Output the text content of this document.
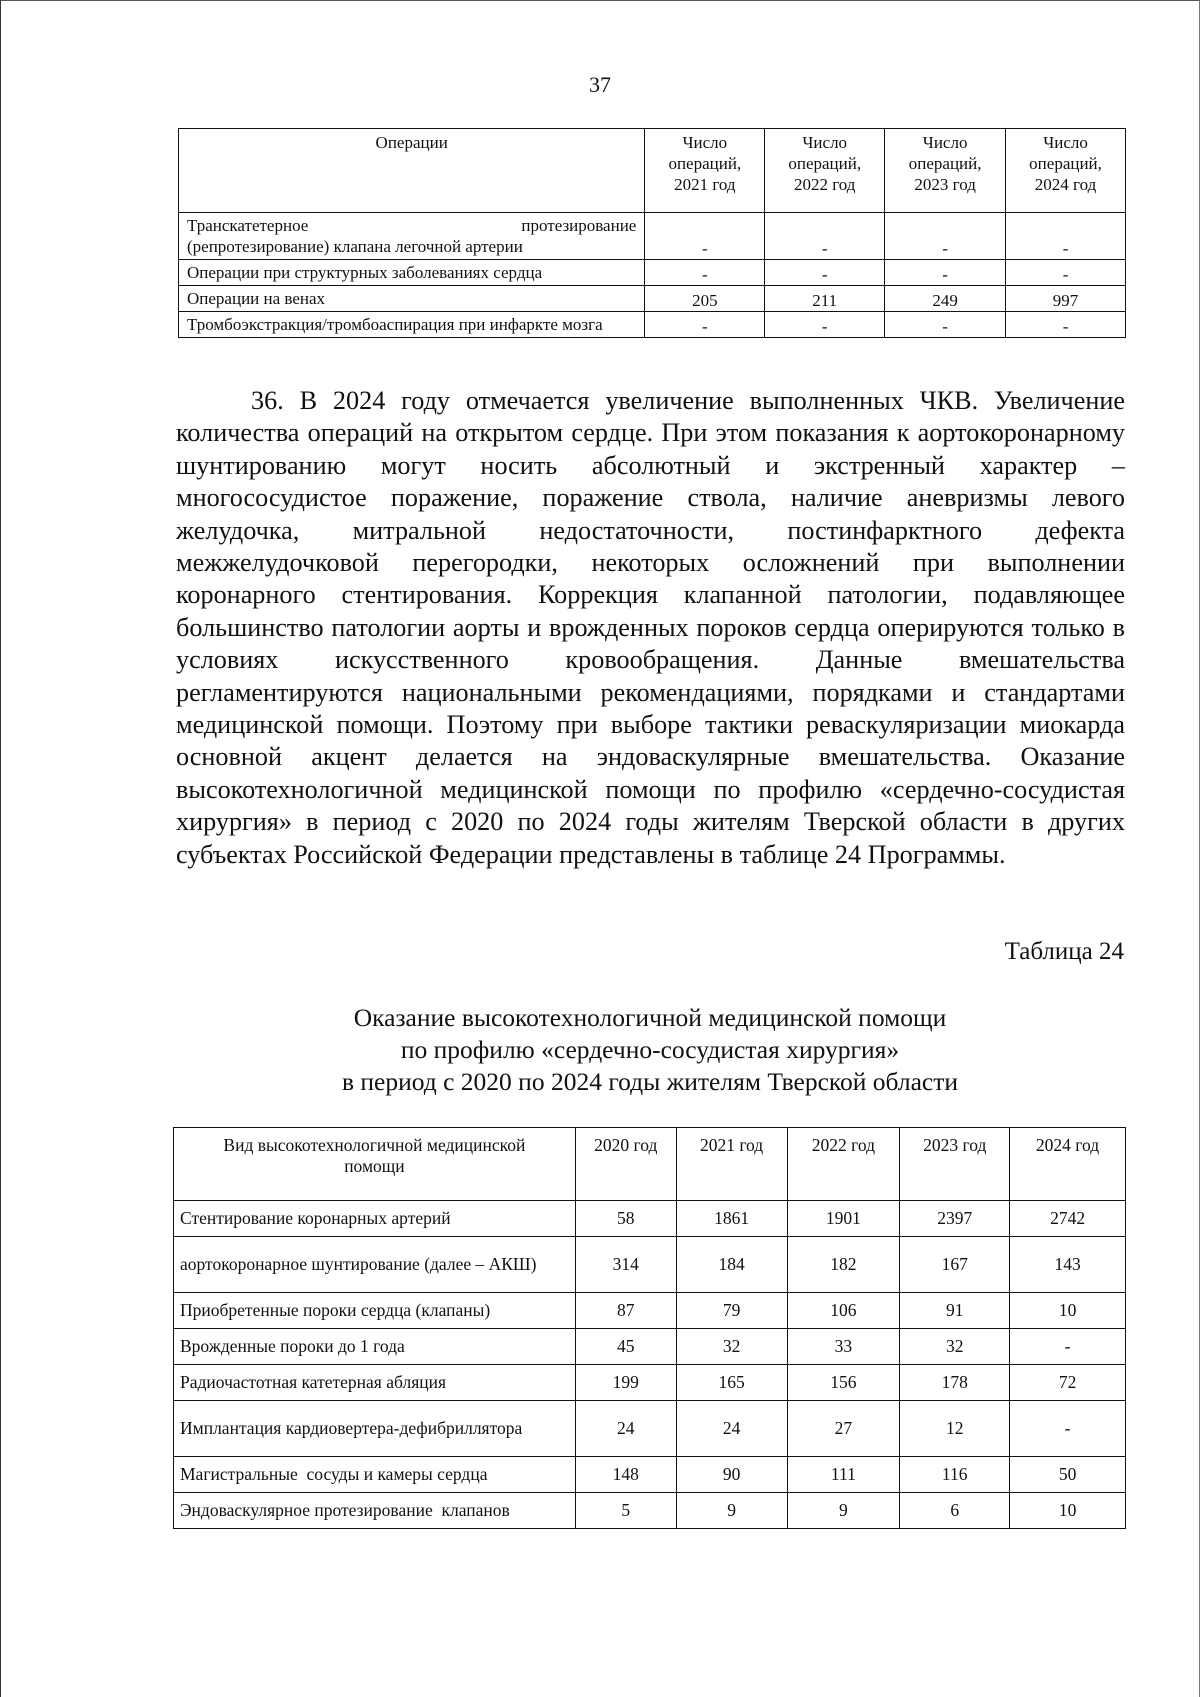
37
Операции	Число операций, 2021 год	Число операций, 2022 год	Число операций, 2023 год	Число операций, 2024 год

Транскатетерное протезирование
(репротезирование) клапана легочной артерии	-	-	-	-
Операции при структурных заболеваниях сердца	-	-	-	-
Операции на венах	205	211	249	997
Тромбоэкстракция/тромбоаспирация при инфаркте мозга	-	-	-	-

36. В 2024 году отмечается увеличение выполненных ЧКВ. Увеличение количества операций на открытом сердце. При этом показания к аортокоронарному шунтированию могут носить абсолютный и экстренный характер – многососудистое поражение, поражение ствола, наличие аневризмы левого желудочка, митральной недостаточности, постинфарктного дефекта межжелудочковой перегородки, некоторых осложнений при выполнении коронарного стентирования. Коррекция клапанной патологии, подавляющее большинство патологии аорты и врожденных пороков сердца оперируются только в условиях искусственного кровообращения. Данные вмешательства регламентируются национальными рекомендациями, порядками и стандартами медицинской помощи. Поэтому при выборе тактики реваскуляризации миокарда основной акцент делается на эндоваскулярные вмешательства. Оказание высокотехнологичной медицинской помощи по профилю «сердечно-сосудистая хирургия» в период с 2020 по 2024 годы жителям Тверской области в других субъектах Российской Федерации представлены в таблице 24 Программы.

Таблица 24
Оказание высокотехнологичной медицинской помощи
по профилю «сердечно-сосудистая хирургия»
в период с 2020 по 2024 годы жителям Тверской области
Вид высокотехнологичной медицинской помощи	2020 год	2021 год	2022 год	2023 год	2024 год
Стентирование коронарных артерий	58	1861	1901	2397	2742
аортокоронарное шунтирование (далее – АКШ)	314	184	182	167	143
Приобретенные пороки сердца (клапаны)	87	79	106	91	10
Врожденные пороки до 1 года	45	32	33	32	-
Радиочастотная катетерная абляция	199	165	156	178	72
Имплантация кардиовертера-дефибриллятора	24	24	27	12	-
Магистральные  сосуды и камеры сердца	148	90	111	116	50
Эндоваскулярное протезирование  клапанов	5	9	9	6	10
